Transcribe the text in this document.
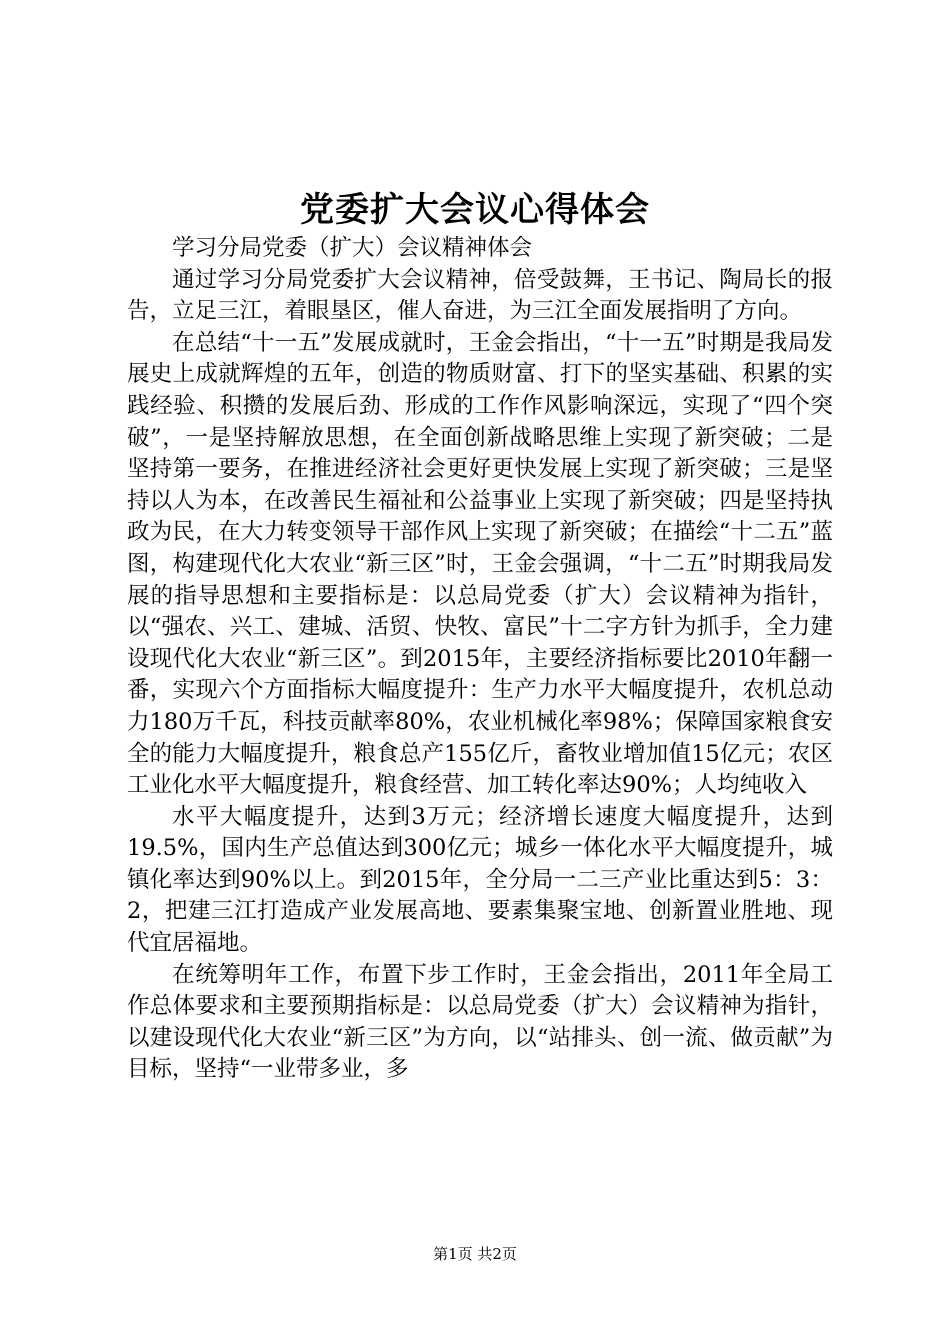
党委扩大会议心得体会

学习分局党委（扩大）会议精神体会

通过学习分局党委扩大会议精神，倍受鼓舞，王书记、陶局长的报告，立足三江，着眼垦区，催人奋进，为三江全面发展指明了方向。

在总结“十一五”发展成就时，王金会指出，“十一五”时期是我局发展史上成就辉煌的五年，创造的物质财富、打下的坚实基础、积累的实践经验、积攒的发展后劲、形成的工作作风影响深远，实现了“四个突破”，一是坚持解放思想，在全面创新战略思维上实现了新突破；二是坚持第一要务，在推进经济社会更好更快发展上实现了新突破；三是坚持以人为本，在改善民生福祉和公益事业上实现了新突破；四是坚持执政为民，在大力转变领导干部作风上实现了新突破；在描绘“十二五”蓝图，构建现代化大农业“新三区”时，王金会强调，“十二五”时期我局发展的指导思想和主要指标是：以总局党委（扩大）会议精神为指针，以“强农、兴工、建城、活贸、快牧、富民”十二字方针为抓手，全力建设现代化大农业“新三区”。到2015年，主要经济指标要比2010年翻一番，实现六个方面指标大幅度提升：生产力水平大幅度提升，农机总动力180万千瓦，科技贡献率80%，农业机械化率98%；保障国家粮食安全的能力大幅度提升，粮食总产155亿斤，畜牧业增加值15亿元；农区工业化水平大幅度提升，粮食经营、加工转化率达90%；人均纯收入

水平大幅度提升，达到3万元；经济增长速度大幅度提升，达到19.5%，国内生产总值达到300亿元；城乡一体化水平大幅度提升，城镇化率达到90%以上。到2015年，全分局一二三产业比重达到5：3：2，把建三江打造成产业发展高地、要素集聚宝地、创新置业胜地、现代宜居福地。

在统筹明年工作，布置下步工作时，王金会指出，2011年全局工作总体要求和主要预期指标是：以总局党委（扩大）会议精神为指针，以建设现代化大农业“新三区”为方向，以“站排头、创一流、做贡献”为目标，坚持“一业带多业，多

第1页 共2页
